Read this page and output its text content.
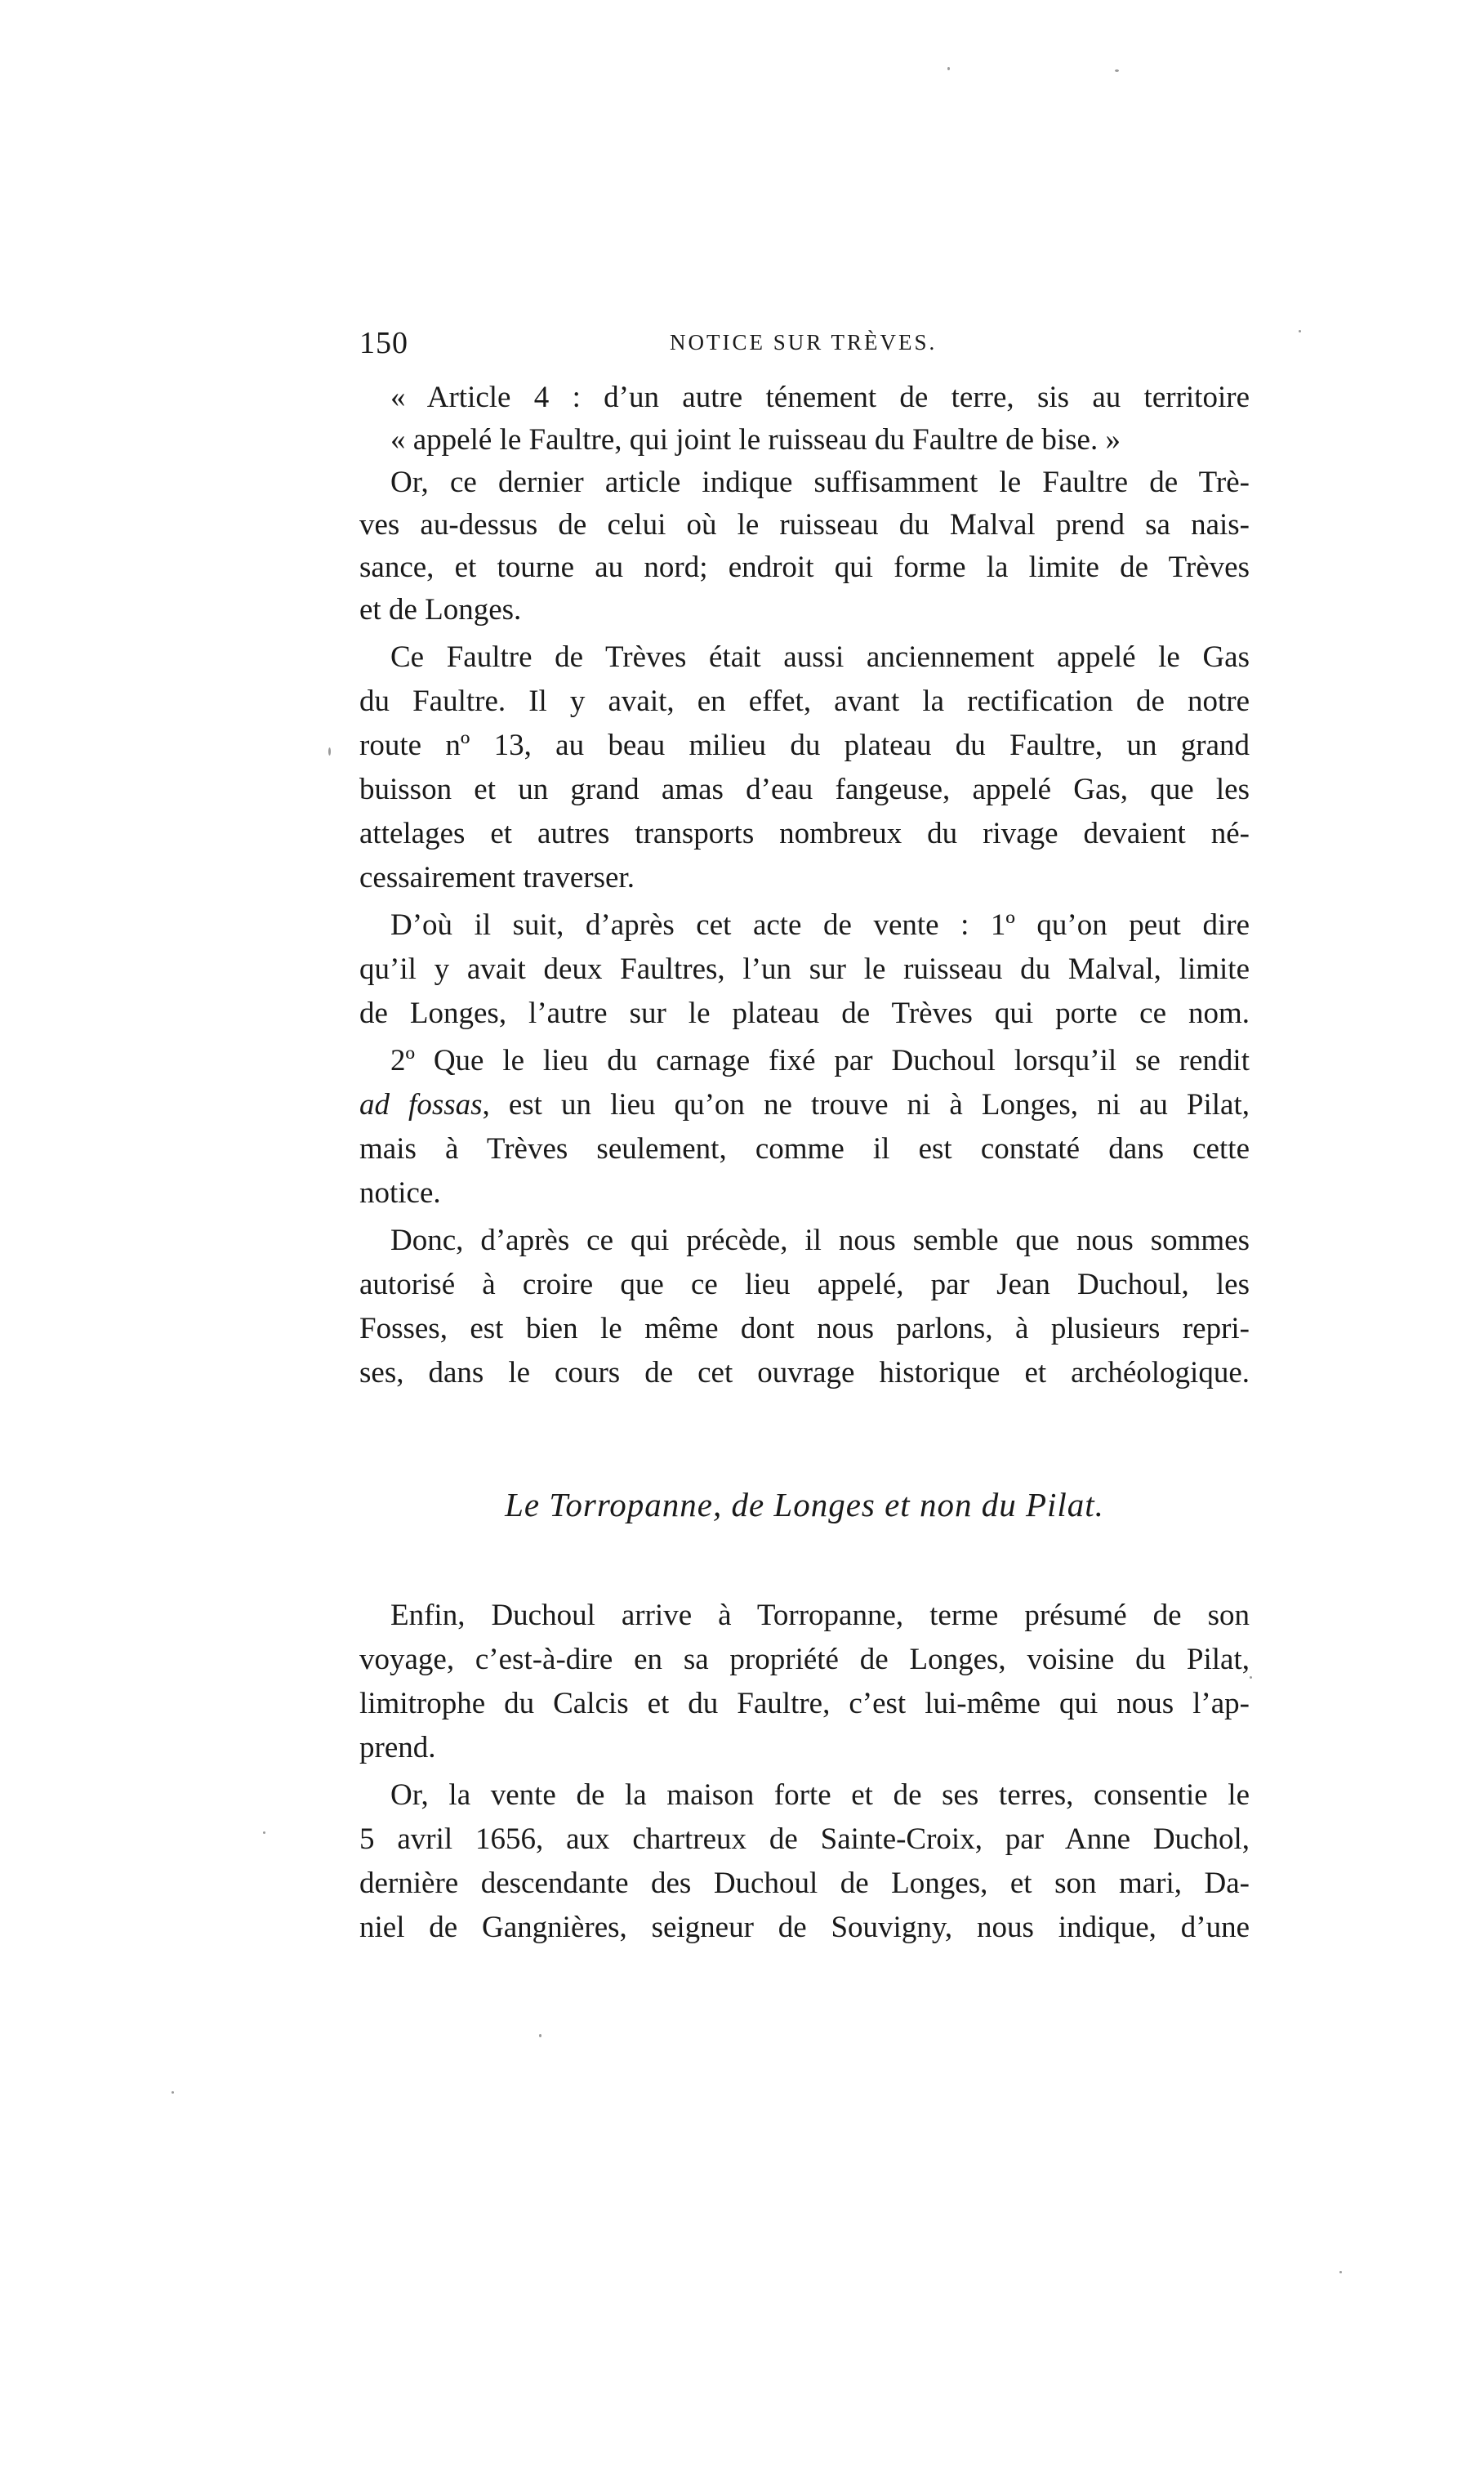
150	NOTICE SUR TRÈVES.
« Article 4 : d’un autre ténement de terre, sis au territoire
« appelé le Faultre, qui joint le ruisseau du Faultre de bise. »
Or, ce dernier article indique suffisamment le Faultre de Trè-
ves au-dessus de celui où le ruisseau du Malval prend sa nais-
sance, et tourne au nord; endroit qui forme la limite de Trèves
et de Longes.
Ce Faultre de Trèves était aussi anciennement appelé le Gas
du Faultre. Il y avait, en effet, avant la rectification de notre
route nº 13, au beau milieu du plateau du Faultre, un grand
buisson et un grand amas d’eau fangeuse, appelé Gas, que les
attelages et autres transports nombreux du rivage devaient né-
cessairement traverser.
D’où il suit, d’après cet acte de vente : 1º qu’on peut dire
qu’il y avait deux Faultres, l’un sur le ruisseau du Malval, limite
de Longes, l’autre sur le plateau de Trèves qui porte ce nom.
2º Que le lieu du carnage fixé par Duchoul lorsqu’il se rendit
ad fossas, est un lieu qu’on ne trouve ni à Longes, ni au Pilat,
mais à Trèves seulement, comme il est constaté dans cette
notice.
Donc, d’après ce qui précède, il nous semble que nous sommes
autorisé à croire que ce lieu appelé, par Jean Duchoul, les
Fosses, est bien le même dont nous parlons, à plusieurs repri-
ses, dans le cours de cet ouvrage historique et archéologique.
Le Torropanne, de Longes et non du Pilat.
Enfin, Duchoul arrive à Torropanne, terme présumé de son
voyage, c’est-à-dire en sa propriété de Longes, voisine du Pilat,
limitrophe du Calcis et du Faultre, c’est lui-même qui nous l’ap-
prend.
Or, la vente de la maison forte et de ses terres, consentie le
5 avril 1656, aux chartreux de Sainte-Croix, par Anne Duchol,
dernière descendante des Duchoul de Longes, et son mari, Da-
niel de Gangnières, seigneur de Souvigny, nous indique, d’une
